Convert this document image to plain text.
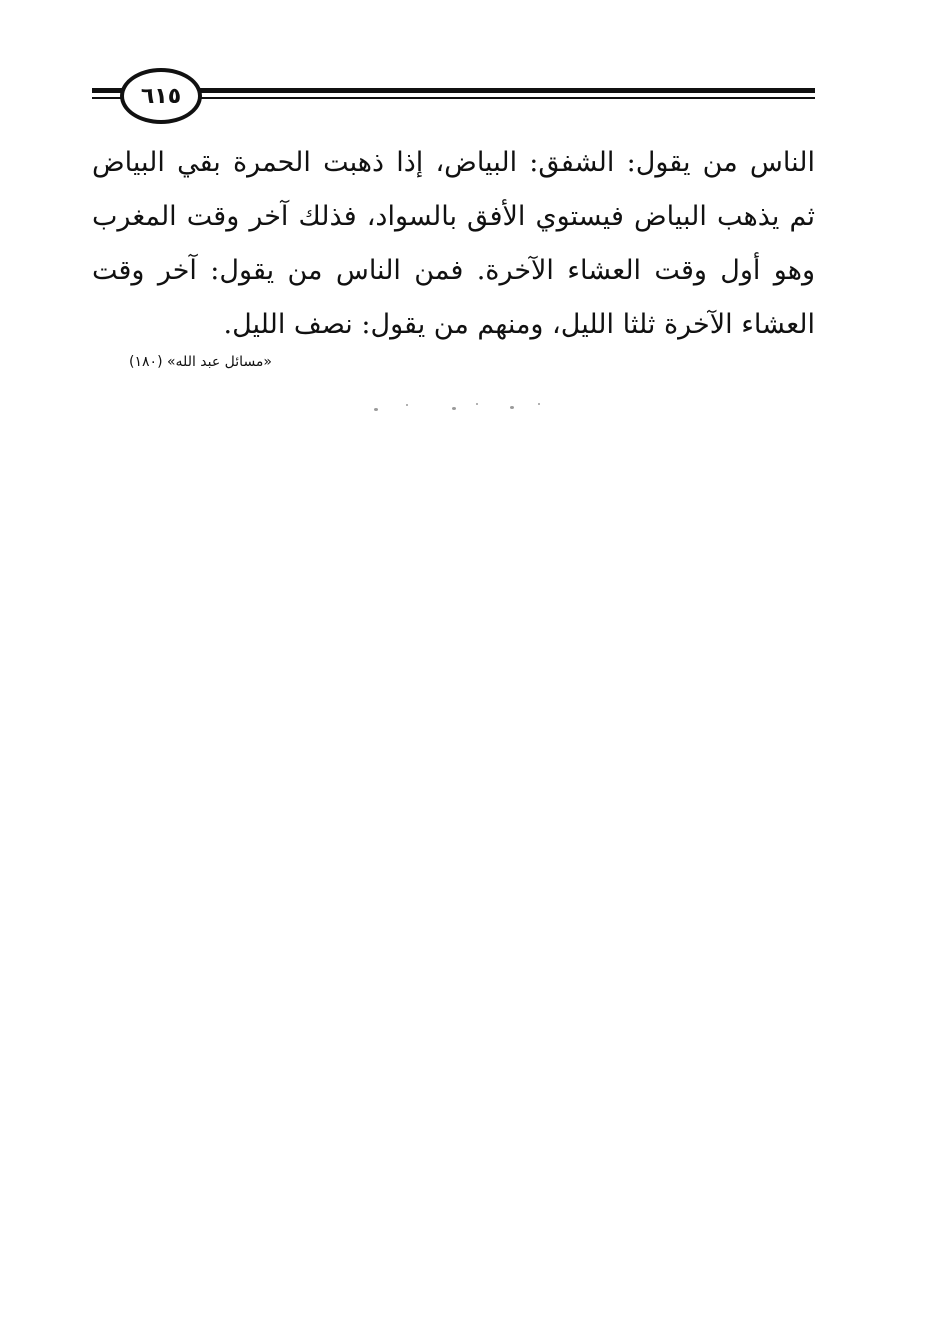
٦١٥

الناس من يقول: الشفق: البياض، إذا ذهبت الحمرة بقي البياض ثم يذهب البياض فيستوي الأفق بالسواد، فذلك آخر وقت المغرب وهو أول وقت العشاء الآخرة. فمن الناس من يقول: آخر وقت العشاء الآخرة ثلثا الليل، ومنهم من يقول: نصف الليل.

«مسائل عبد الله» (١٨٠)
